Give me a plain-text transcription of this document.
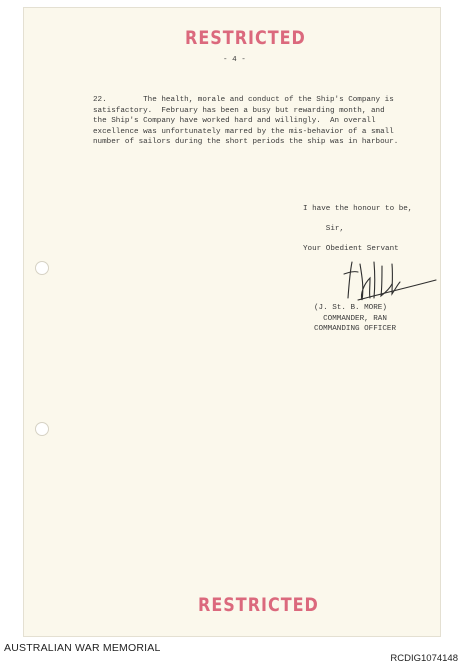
RESTRICTED
- 4 -
22.        The health, morale and conduct of the Ship's Company is
satisfactory.  February has been a busy but rewarding month, and
the Ship's Company have worked hard and willingly.  An overall
excellence was unfortunately marred by the mis-behavior of a small
number of sailors during the short periods the ship was in harbour.
I have the honour to be,
Sir,
Your Obedient Servant
(J. St. B. MORE)
COMMANDER, RAN
COMMANDING OFFICER
RESTRICTED
AUSTRALIAN WAR MEMORIAL
RCDIG1074148
